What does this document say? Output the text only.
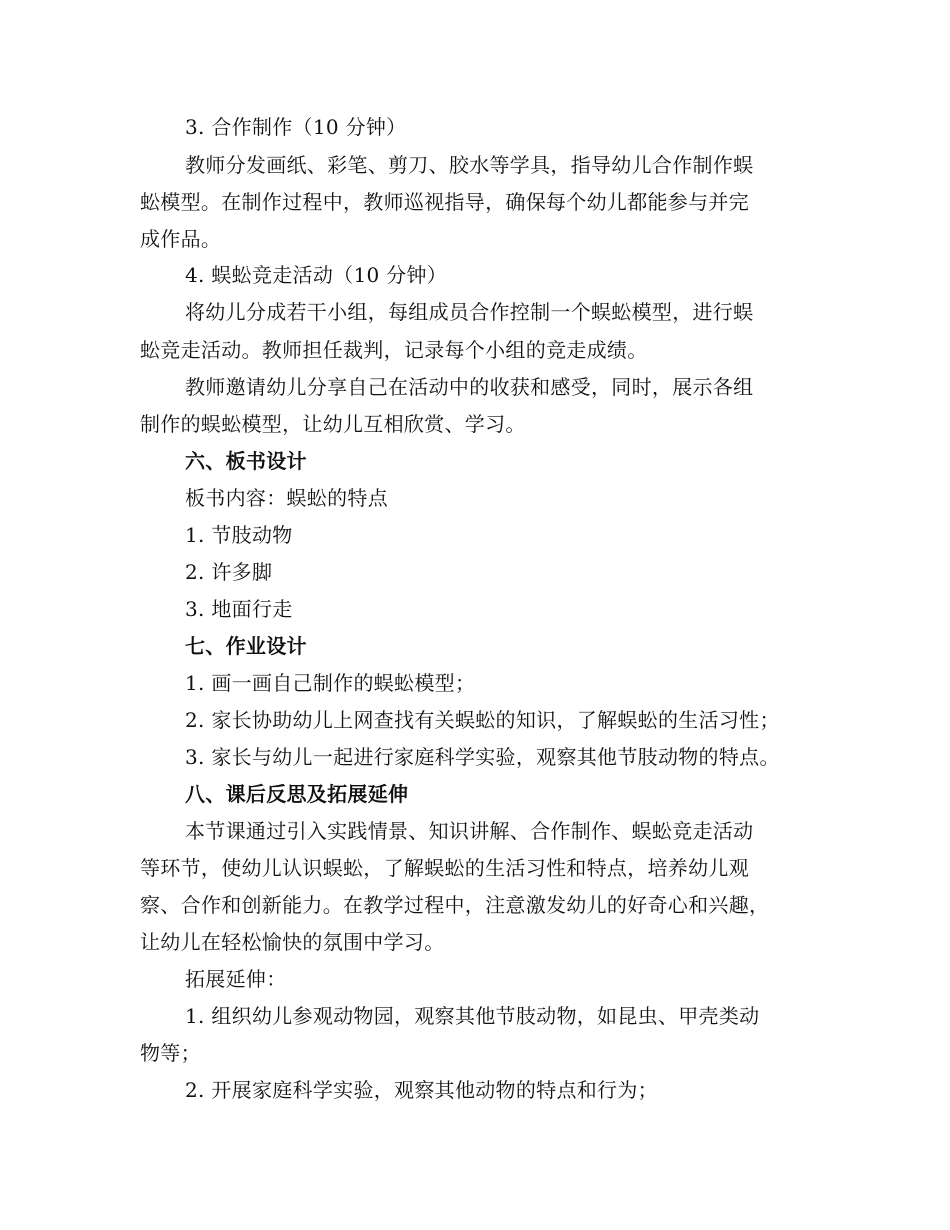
3. 合作制作（10 分钟）
教师分发画纸、彩笔、剪刀、胶水等学具，指导幼儿合作制作蜈
蚣模型。在制作过程中，教师巡视指导，确保每个幼儿都能参与并完
成作品。
4. 蜈蚣竞走活动（10 分钟）
将幼儿分成若干小组，每组成员合作控制一个蜈蚣模型，进行蜈
蚣竞走活动。教师担任裁判，记录每个小组的竞走成绩。
教师邀请幼儿分享自己在活动中的收获和感受，同时，展示各组
制作的蜈蚣模型，让幼儿互相欣赏、学习。
六、板书设计
板书内容：蜈蚣的特点
1. 节肢动物
2. 许多脚
3. 地面行走
七、作业设计
1. 画一画自己制作的蜈蚣模型；
2. 家长协助幼儿上网查找有关蜈蚣的知识，了解蜈蚣的生活习性；
3. 家长与幼儿一起进行家庭科学实验，观察其他节肢动物的特点。
八、课后反思及拓展延伸
本节课通过引入实践情景、知识讲解、合作制作、蜈蚣竞走活动
等环节，使幼儿认识蜈蚣，了解蜈蚣的生活习性和特点，培养幼儿观
察、合作和创新能力。在教学过程中，注意激发幼儿的好奇心和兴趣，
让幼儿在轻松愉快的氛围中学习。
拓展延伸：
1. 组织幼儿参观动物园，观察其他节肢动物，如昆虫、甲壳类动
物等；
2. 开展家庭科学实验，观察其他动物的特点和行为；
